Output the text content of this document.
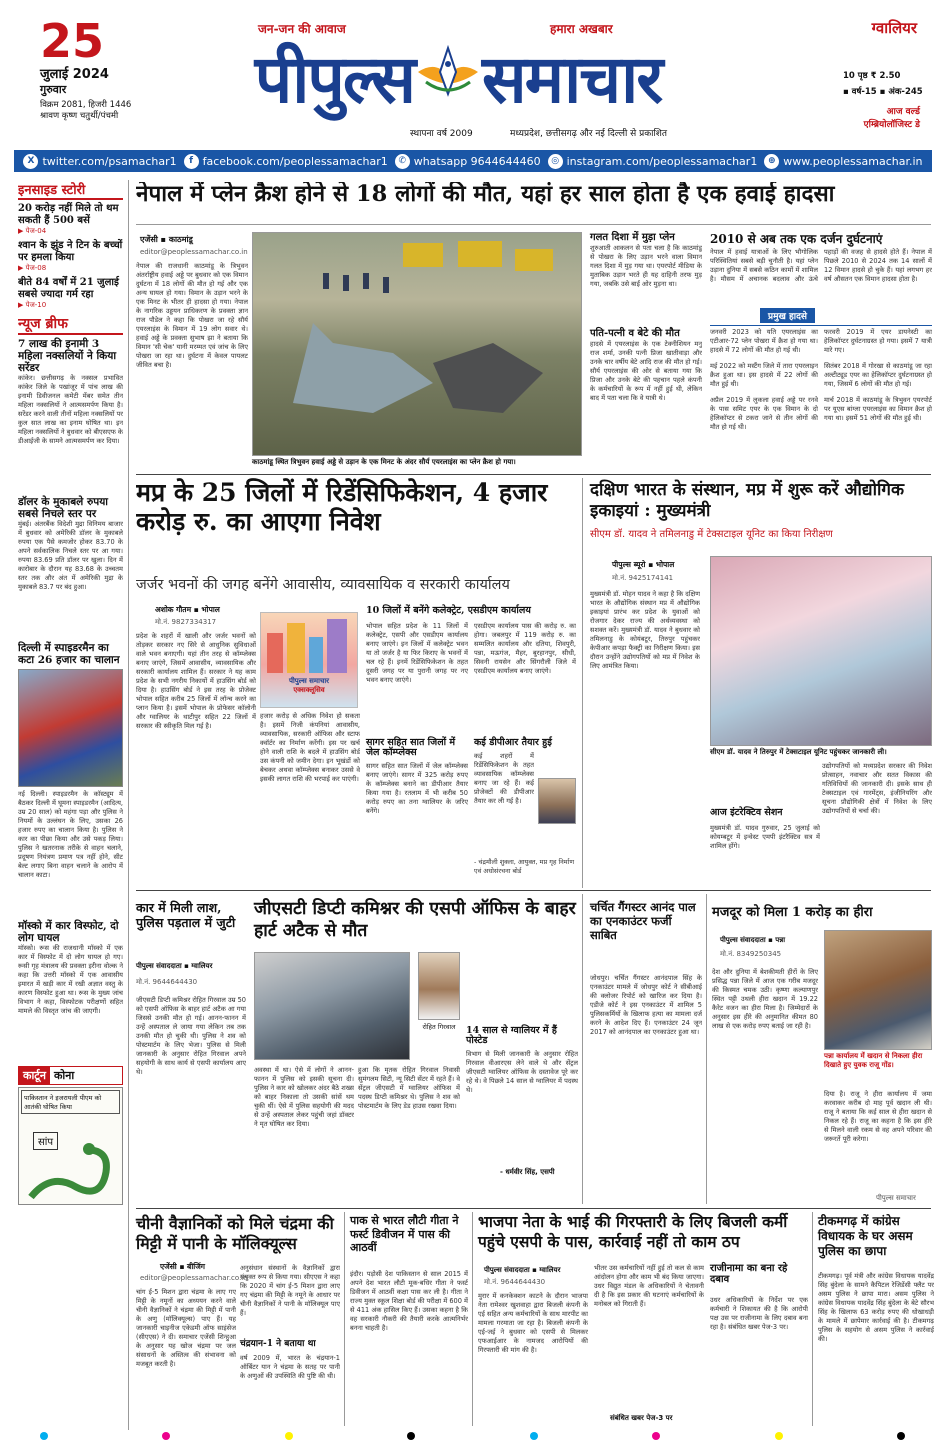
25
जुलाई 2024
गुरुवार
विक्रम 2081, हिजरी 1446
श्रावण कृष्ण चतुर्थी/पंचमी
जन-जन की आवाज	हमारा अखबार
पीपुल्स समाचार
स्थापना वर्ष 2009	मध्यप्रदेश, छत्तीसगढ़ और नई दिल्ली से प्रकाशित
ग्वालियर
10 पृष्ठ ₹ 2.50
▪ वर्ष-15 ▪ अंक-245
आज वर्ल्ड
एम्ब्रियोलॉजिस्ट डे
X twitter.com/psamachar1	f facebook.com/peoplessamachar1	✆ whatsapp 9644644460	◎ instagram.com/peoplessamachar1	⊕ www.peoplessamachar.in
इनसाइड स्टोरी
20 करोड़ नहीं मिले तो थम सकती हैं 500 बसें
▶ पेज-04
श्वान के झुंड ने टिन के बच्चों पर हमला किया
▶ पेज-08
बीते 84 वर्षों में 21 जुलाई सबसे ज्यादा गर्म रहा
▶ पेज-10
न्यूज ब्रीफ
7 लाख की इनामी 3 महिला नक्सलियों ने किया सरेंडर
कांकेर। छत्तीसगढ़ के नक्सल प्रभावित कांकेर जिले के पखांजूर में पांच लाख की इनामी डिवीजनल कमेटी मेंबर समेत तीन महिला नक्सलियों ने आत्मसमर्पण किया है। सरेंडर करने वाली तीनों महिला नक्सलियों पर कुल सात लाख का इनाम घोषित था। इन महिला नक्सलियों ने बुधवार को बीएसएफ के डीआईजी के सामने आत्मसमर्पण कर दिया।
डॉलर के मुकाबले रुपया सबसे निचले स्तर पर
मुंबई। अंतरबैंक विदेशी मुद्रा विनिमय बाजार में बुधवार को अमेरिकी डॉलर के मुकाबले रुपया एक पैसे कमजोर होकर 83.70 के अपने सर्वकालिक निचले स्तर पर आ गया। रुपया 83.69 प्रति डॉलर पर खुला। दिन में कारोबार के दौरान यह 83.68 के उच्चतम स्तर तक और अंत में अमेरिकी मुद्रा के मुकाबले 83.7 पर बंद हुआ।
दिल्ली में स्पाइडरमैन का कटा 26 हजार का चालान
नई दिल्ली। स्पाइडरमैन के कॉस्ट्यूम में बैठकर दिल्ली में घूमना स्पाइडरमैन (आदित्य, उम्र 20 साल) को महंगा पड़ा और पुलिस ने नियमों के उल्लंघन के लिए, उसका 26 हजार रुपए का चालान किया है। पुलिस ने कार का पीछा किया और उसे पकड़ लिया। पुलिस ने खतरनाक तरीके से वाहन चलाने, प्रदूषण नियंत्रण प्रमाण पत्र नहीं होने, सीट बेल्ट लगाए बिना वाहन चलाने के आरोप में चालान काटा।
मॉस्को में कार विस्फोट, दो लोग घायल
मॉस्को। रूस की राजधानी मॉस्को में एक कार में विस्फोट में दो लोग घायल हो गए। रूसी गृह मंत्रालय की प्रवक्ता इरीना वोल्क ने कहा कि उत्तरी मॉस्को में एक आवासीय इमारत में खड़ी कार में रखी अज्ञात वस्तु के कारण विस्फोट हुआ था। रूस के मुख्य जांच विभाग ने कहा, विस्फोटक परीक्षणों सहित मामले की विस्तृत जांच की जाएगी।
कार्टून कोना
पाकिस्तान ने इजरायली पीएम को आतंकी घोषित किया
सांप
नेपाल में प्लेन क्रैश होने से 18 लोगों की मौत, यहां हर साल होता है एक हवाई हादसा
एजेंसी ▪ काठमांडू
editor@peoplessamachar.co.in
नेपाल की राजधानी काठमांडू के त्रिभुवन अंतर्राष्ट्रीय हवाई अड्डे पर बुधवार को एक विमान दुर्घटना में 18 लोगों की मौत हो गई और एक अन्य घायल हो गया। विमान के उड़ान भरने के एक मिनट के भीतर ही हादसा हो गया। नेपाल के नागरिक उड्डयन प्राधिकरण के प्रवक्ता ज्ञान राज पौडेल ने कहा कि पोखरा जा रहे सौर्य एयरलाइंस के विमान में 19 लोग सवार थे। हवाई अड्डे के प्रवक्ता सुभाष झा ने बताया कि विमान 'सी चेक' यानी मरम्मत एवं जांच के लिए पोखरा जा रहा था। दुर्घटना में केवल पायलट जीवित बचा है।
काठमांडू स्थित त्रिभुवन हवाई अड्डे से उड़ान के एक मिनट के अंदर सौर्य एयरलाइंस का प्लेन क्रैश हो गया।
गलत दिशा में मुड़ा प्लेन
शुरुआती आकलन से पता चला है कि काठमांडू से पोखरा के लिए उड़ान भरने वाला विमान गलत दिशा में मुड़ गया था। एयरपोर्ट मीडिया के मुताबिक उड़ान भरते ही यह दाहिनी तरफ मुड़ गया, जबकि उसे बाईं ओर मुड़ना था।
पति-पत्नी व बेटे की मौत
हादसे में एयरलाइंस के एक टेक्नीशियन मनु राज शर्मा, उनकी पत्नी प्रिजा खातीवाड़ा और उनके चार वर्षीय बेटे आदि राज की मौत हो गई। सौर्य एयरलाइंस की ओर से बताया गया कि प्रिजा और उनके बेटे की पहचान पहले कंपनी के कर्मचारियों के रूप में नहीं हुई थी, लेकिन बाद में पता चला कि वे यात्री थे।
2010 से अब तक एक दर्जन दुर्घटनाएं
नेपाल में हवाई यात्राओं के लिए भौगोलिक परिस्थितियां सबसे बड़ी चुनौती है। यहां प्लेन उड़ाना दुनिया में सबसे कठिन कामों में शामिल है। मौसम में अचानक बदलाव और ऊंचे पहाड़ों की वजह से हादसे होते हैं। नेपाल में पिछले 2010 से 2024 तक 14 सालों में 12 विमान हादसे हो चुके हैं। यहां लगभग हर वर्ष औसतन एक विमान हादसा होता है।
प्रमुख हादसे
जनवरी 2023 को यति एयरलाइंस का एटीआर-72 प्लेन पोखरा में क्रैश हो गया था। हादसे में 72 लोगों की मौत हो गई थी।
फरवरी 2019 में एयर डायनेस्टी का हेलिकॉप्टर दुर्घटनाग्रस्त हो गया। इसमें 7 यात्री मारे गए।
मई 2022 को मस्टैंग जिले में तारा एयरलाइन क्रैश हुआ था। इस हादसे में 22 लोगों की मौत हुई थी।
सितंबर 2018 में गोरखा से काठमांडू जा रहा अल्टीट्यूड एयर का हेलिकॉप्टर दुर्घटनाग्रस्त हो गया, जिसमें 6 लोगों की मौत हो गई।
अप्रैल 2019 में लुकला हवाई अड्डे पर रनवे के पास समिट एयर के एक विमान के दो हेलिकॉप्टर से टकरा जाने से तीन लोगों की मौत हो गई थी।
मार्च 2018 में काठमांडू के त्रिभुवन एयरपोर्ट पर यूएस बांग्ला एयरलाइंस का विमान क्रैश हो गया था। इसमें 51 लोगों की मौत हुई थी।
मप्र के 25 जिलों में रिडेंसिफिकेशन, 4 हजार करोड़ रु. का आएगा निवेश
जर्जर भवनों की जगह बनेंगे आवासीय, व्यावसायिक व सरकारी कार्यालय
अशोक गौतम ▪ भोपाल
मो.नं. 9827334317
पीपुल्स समाचार
एक्सक्लूसिव
प्रदेश के शहरों में खाली और जर्जर भवनों को तोड़कर सरकार नए सिरे से आधुनिक सुविधाओं वाले भवन बनाएगी। यहां तीन तरह से कॉम्प्लेक्स बनाए जाएंगे, जिसमें आवासीय, व्यावसायिक और सरकारी कार्यालय शामिल हैं। सरकार ने यह काम प्रदेश के सभी नगरीय निकायों में हाउसिंग बोर्ड को दिया है। हाउसिंग बोर्ड ने इस तरह के प्रोजेक्ट भोपाल सहित करीब 25 जिलों में लॉन्च करने का प्लान किया है। इसमें भोपाल के प्रोफेसर कॉलोनी और ग्वालियर के थाटीपुर सहित 22 जिलों में सरकार की स्वीकृति मिल गई है।
हजार करोड़ से अधिक निवेश हो सकता है। इसमें निजी कंपनियां आवासीय, व्यावसायिक, सरकारी ऑफिस और स्टाफ क्वॉर्टर का निर्माण करेंगी। इस पर खर्च होने वाली राशि के बदले में हाउसिंग बोर्ड उस कंपनी को जमीन देगा। इन भूखंडों को बेचकर अथवा कॉम्प्लेक्स बनाकर उससे वे इसकी लागत राशि की भरपाई कर पाएंगी।
10 जिलों में बनेंगे कलेक्ट्रेट, एसडीएम कार्यालय
भोपाल सहित प्रदेश के 11 जिलों में कलेक्ट्रेट, एसपी और एसडीएम कार्यालय बनाए जाएंगे। इन जिलों में कलेक्ट्रेट भवन या तो जर्जर है या फिर किराए के भवनों में चल रहे हैं। इनमें रिडेंसिफिकेशन के तहत दूसरी जगह पर या पुरानी जगह पर नए भवन बनाए जाएंगे।
एसडीएम कार्यालय पास की करोड़ रु. का होगा। जबलपुर में 119 करोड़ रु. का सम्मलित कार्यालय और दतिया, शिवपुरी, पन्ना, मऊगंज, मैहर, बुरहानपुर, सीधी, सिवनी रायसेन और सिंगरौली जिले में एसडीएम कार्यालय बनाए जाएंगे।
सागर सहित सात जिलों में जेल कॉम्प्लेक्स
सागर सहित सात जिलों में जेल कॉम्प्लेक्स बनाए जाएंगे। सागर में 325 करोड़ रुपए के कॉम्प्लेक्स बनाने का डीपीआर तैयार किया गया है। रतलाम में भी करीब 50 करोड़ रुपए का तना ग्वालियर के जरिए बनेंगे।
कई डीपीआर तैयार हुई
कई शहरों में रिडेंसिफिकेशन के तहत व्यावसायिक कॉम्प्लेक्स बनाए जा रहे हैं। कई प्रोजेक्टों की डीपीआर तैयार कर ली गई है।
- चंद्रमौली शुक्ला, आयुक्त, मप्र गृह निर्माण एवं अधोसंरचना बोर्ड
दक्षिण भारत के संस्थान, मप्र में शुरू करें औद्योगिक इकाइयां : मुख्यमंत्री
सीएम डॉ. यादव ने तमिलनाडु में टेक्सटाइल यूनिट का किया निरीक्षण
पीपुल्स ब्यूरो ▪ भोपाल
मो.नं. 9425174141
मुख्यमंत्री डॉ. मोहन यादव ने कहा है कि दक्षिण भारत के औद्योगिक संस्थान मप्र में औद्योगिक इकाइयां प्रारंभ कर प्रदेश के युवाओं को रोजगार देकर राज्य की अर्थव्यवस्था को सशक्त करें। मुख्यमंत्री डॉ. यादव ने बुधवार को तमिलनाडु के कोयंबटूर, तिरुपुर पहुंचकर केपीआर कपड़ा फैक्ट्री का निरीक्षण किया। इस दौरान उन्होंने उद्योगपतियों को मप्र में निवेश के लिए आमंत्रित किया।
सीएम डॉ. यादव ने तिरुपुर में टेक्सटाइल यूनिट पहुंचकर जानकारी ली।
उद्योगपतियों को मध्यप्रदेश सरकार की निवेश प्रोत्साहन, नवाचार और सतत विकास की गतिविधियों की जानकारी दी। इसके साथ ही टेक्सटाइल एवं गारमेंट्स, इंजीनियरिंग और सूचना प्रौद्योगिकी क्षेत्रों में निवेश के लिए उद्योगपतियों से चर्चा की।
आज इंटरेक्टिव सेशन
मुख्यमंत्री डॉ. यादव गुरुवार, 25 जुलाई को कोयम्बटूर में इन्वेस्ट एमपी इंटरैक्टिव सत्र में शामिल होंगे।
कार में मिली लाश, पुलिस पड़ताल में जुटी
पीपुल्स संवाददाता ▪ ग्वालियर
मो.नं. 9644644430
जीएसटी डिप्टी कमिश्नर की एसपी ऑफिस के बाहर हार्ट अटैक से मौत
जीएसटी डिप्टी कमिश्नर रोहित गिरवाल उम्र 50 को एसपी ऑफिस के बाहर हार्ट अटैक आ गया जिससे उनकी मौत हो गई। आनन-फानन में उन्हें अस्पताल ले जाया गया लेकिन तब तक उनकी मौत हो चुकी थी। पुलिस ने शव को पोस्टमार्टम के लिए भेजा। पुलिस से मिली जानकारी के अनुसार रोहित गिरवाल अपने सहयोगी के साथ कार्य से एसपी कार्यालय आए थे।
रोहित गिरवाल
अवस्था में था। ऐसे में लोगों ने आनन-फानन में पुलिस को इसकी सूचना दी। पुलिस ने कार को खोलकर अंदर बैठे शख्स को बाहर निकाला तो उसकी सांसें थम चुकी थीं। ऐसे में पुलिस सहयोगी की मदद से उन्हें अस्पताल लेकर पहुंची जहां डॉक्टर ने मृत घोषित कर दिया।
हुआ कि मृतक रोहित गिरवाल निवासी सुमंगलम सिटी, न्यू सिटी सेंटर में रहते हैं। वे सेंट्रल जीएसटी में ग्वालियर ऑफिस में पदस्थ डिप्टी कमिश्नर थे। पुलिस ने शव को पोस्टमार्टम के लिए डेड हाउस रखवा दिया।
14 साल से ग्वालियर में हैं पोस्टेड
विभाग से मिली जानकारी के अनुसार रोहित गिरवाल वीआरएस लेने वाले थे और सेंट्रल जीएसटी ग्वालियर ऑफिस के दस्तावेज पूरे कर रहे थे। वे पिछले 14 साल से ग्वालियर में पदस्थ थे।
- धर्मवीर सिंह, एसपी
चर्चित गैंगस्टर आनंद पाल का एनकाउंटर फर्जी साबित
जोधपुर। चर्चित गैंगस्टर आनंदपाल सिंह के एनकाउंटर मामले में जोधपुर कोर्ट ने सीबीआई की क्लोजर रिपोर्ट को खारिज कर दिया है। एडीजे कोर्ट ने इस एनकाउंटर में शामिल 5 पुलिसकर्मियों के खिलाफ हत्या का मामला दर्ज करने के आदेश दिए हैं। एनकाउंटर 24 जून 2017 को आनंदपाल का एनकाउंटर हुआ था।
मजदूर को मिला 1 करोड़ का हीरा
पीपुल्स संवाददाता ▪ पन्ना
मो.नं. 8349250345
देश और दुनिया में बेशकीमती हीरों के लिए प्रसिद्ध पन्ना जिले में आज एक गरीब मजदूर की किस्मत चमक उठी। कृष्णा कल्याणपुर स्थित पट्टी उथली हीरा खदान में 19.22 कैरेट वजन का हीरा मिला है। जिम्मेदारों के अनुसार इस हीरे की अनुमानित कीमत 80 लाख से एक करोड़ रुपए बताई जा रही है।
पन्ना कार्यालय में खदान से निकला हीरा दिखाते हुए युवक राजू गोंड।
दिया है। राजू ने हीरा कार्यालय में जमा करवाकर करीब दो माह पूर्व खदान ली थी। राजू ने बताया कि कई साल से हीरा खदान से निकल रहे हैं। राजू का कहना है कि इस हीरे से मिलने वाली रकम से वह अपने परिवार की जरूरतें पूरी करेगा।
पीपुल्स समाचार
चीनी वैज्ञानिकों को मिले चंद्रमा की मिट्टी में पानी के मॉलिक्यूल्स
एजेंसी ▪ बीजिंग
editor@peoplessamachar.co.in
चांग ई-5 मिशन द्वारा चंद्रमा के लाए गए मिट्टी के नमूनों का अध्ययन करने वाले चीनी वैज्ञानिकों ने चंद्रमा की मिट्टी में पानी के अणु (मॉलिक्यूल्स) पाए हैं। यह जानकारी चाइनीज एकेडमी ऑफ साइंसेज (सीएएस) ने दी। समाचार एजेंसी शिन्हुआ के अनुसार यह खोज चंद्रमा पर जल संसाधनों के अस्तित्व की संभावना को मजबूत करती है।
अनुसंधान संस्थानों के वैज्ञानिकों द्वारा संयुक्त रूप से किया गया। सीएएस ने कहा कि 2020 में चांग ई-5 मिशन द्वारा लाए गए चंद्रमा की मिट्टी के नमूने के आधार पर चीनी वैज्ञानिकों ने पानी के मॉलिक्यूल पाए हैं।
चंद्रयान-1 ने बताया था
वर्ष 2009 में, भारत के चंद्रयान-1 ऑर्बिटर यान ने चंद्रमा के सतह पर पानी के अणुओं की उपस्थिति की पुष्टि की थी।
पाक से भारत लौटी गीता ने फर्स्ट डिवीजन में पास की आठवीं
इंदौर। पड़ोसी देश पाकिस्तान से साल 2015 में अपने देश भारत लौटी मूक-बधिर गीता ने फर्स्ट डिवीजन में आठवीं कक्षा पास कर ली है। गीता ने राज्य मुक्त स्कूल शिक्षा बोर्ड की परीक्षा में 600 में से 411 अंक हासिल किए हैं। उसका कहना है कि वह सरकारी नौकरी की तैयारी करके आत्मनिर्भर बनना चाहती है।
भाजपा नेता के भाई की गिरफ्तारी के लिए बिजली कर्मी पहुंचे एसपी के पास, कार्रवाई नहीं तो काम ठप
पीपुल्स संवाददाता ▪ ग्वालियर
मो.नं. 9644644430
मुरार में कनकेक्शन काटने के दौरान भाजपा नेता रामेश्वर खुशवाहा द्वारा बिजली कंपनी के एई सहित अन्य कर्मचारियों के साथ मारपीट का मामला गरमाता जा रहा है। बिजली कंपनी के एई-जई ने बुधवार को एसपी से मिलकर एफआईआर के नामजद आरोपियों की गिरफ्तारी की मांग की है।
भीतर उस कर्मचारियों नहीं हुई तो कल से काम आंदोलन होगा और काम भी बंद किया जाएगा। उधर विद्युत मंडल के अधिकारियों ने चेतावनी दी है कि इस प्रकार की घटनाएं कर्मचारियों के मनोबल को गिराती हैं।
संबंधित खबर पेज-3 पर
राजीनामा का बना रहे दबाव
उधर अधिकारियों के निर्देश पर एक कर्मचारी ने शिकायत की है कि आरोपी पक्ष उस पर राजीनामा के लिए दबाव बना रहा है। संबंधित खबर पेज-3 पर।
टीकमगढ़ में कांग्रेस विधायक के घर असम पुलिस का छापा
टीकमगढ़। पूर्व मंत्री और कांग्रेस विधायक यादवेंद्र सिंह बुंदेला के सामने कैपिटल रेजिडेंसी फ्लैट पर असम पुलिस ने छापा मारा। असम पुलिस ने कांग्रेस विधायक यादवेंद्र सिंह बुंदेला के बेटे सौरभ सिंह के खिलाफ 63 करोड़ रुपए की धोखाधड़ी के मामले में छापेमार कार्रवाई की है। टीकमगढ़ पुलिस के सहयोग से असम पुलिस ने कार्रवाई की।
